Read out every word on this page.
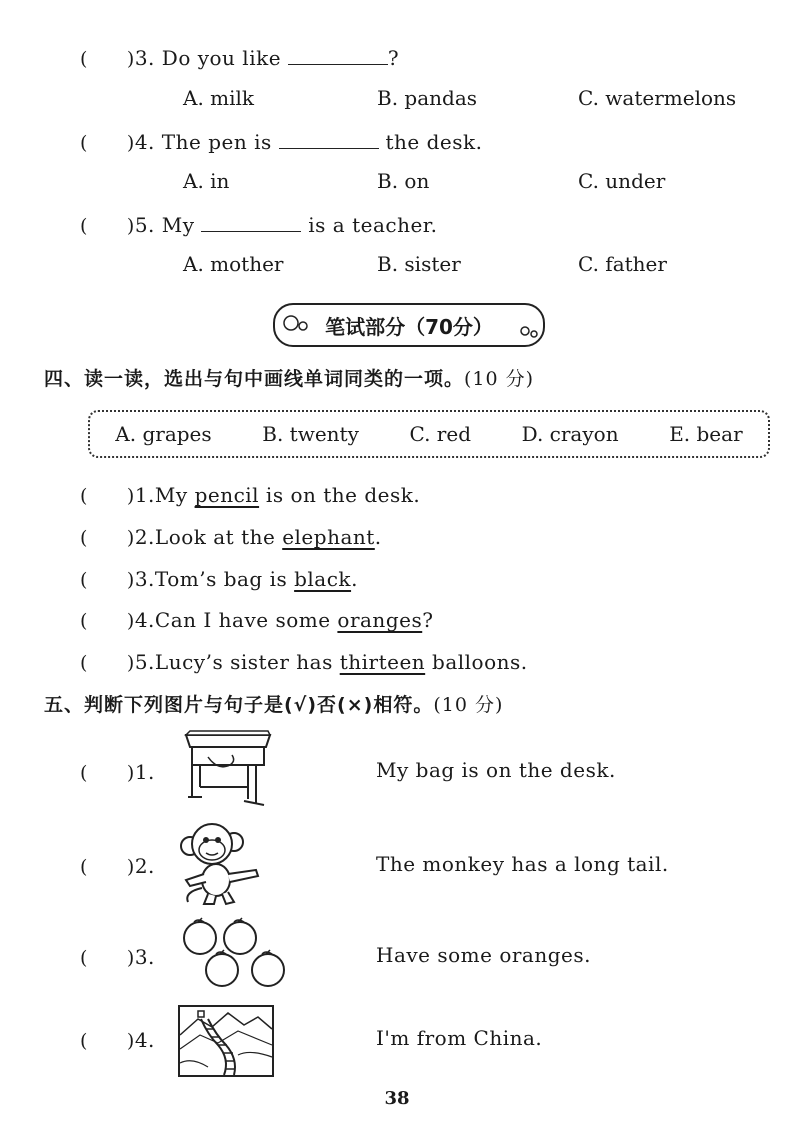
(　　)3. Do you like	?
A. milk	B. pandas	C. watermelons
(　　)4. The pen is	the desk.
A. in	B. on	C. under
(　　)5. My	is a teacher.
A. mother	B. sister	C. father
笔试部分（70分）
四、读一读，选出与句中画线单词同类的一项。(10 分)
A. grapes	B. twenty	C. red	D. crayon	E. bear
(　　)1.My pencil is on the desk.
(　　)2.Look at the elephant.
(　　)3.Tom’s bag is black.
(　　)4.Can I have some oranges?
(　　)5.Lucy’s sister has thirteen balloons.
五、判断下列图片与句子是(√)否(×)相符。(10 分)
(　　)1.	My bag is on the desk.
(　　)2.	The monkey has a long tail.
(　　)3.	Have some oranges.
(　　)4.	I'm from China.
38
